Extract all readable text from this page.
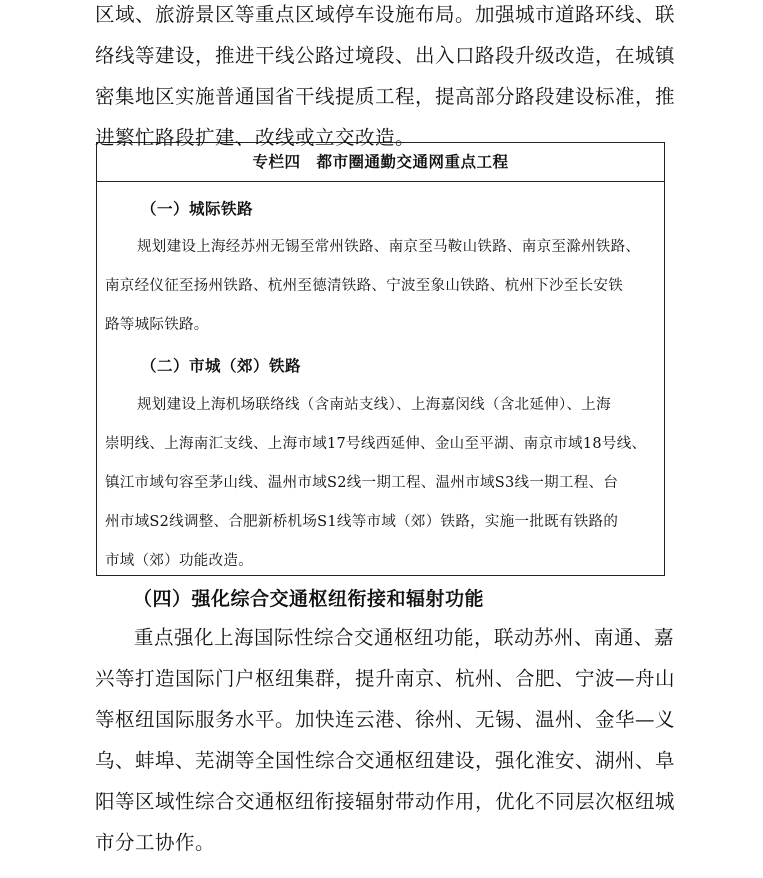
区域、旅游景区等重点区域停车设施布局。加强城市道路环线、联
络线等建设，推进干线公路过境段、出入口路段升级改造，在城镇
密集地区实施普通国省干线提质工程，提高部分路段建设标准，推
进繁忙路段扩建、改线或立交改造。

专栏四　都市圈通勤交通网重点工程
（一）城际铁路
规划建设上海经苏州无锡至常州铁路、南京至马鞍山铁路、南京至滁州铁路、
南京经仪征至扬州铁路、杭州至德清铁路、宁波至象山铁路、杭州下沙至长安铁
路等城际铁路。
（二）市城（郊）铁路
规划建设上海机场联络线（含南站支线）、上海嘉闵线（含北延伸）、上海
崇明线、上海南汇支线、上海市域17号线西延伸、金山至平湖、南京市域18号线、
镇江市域句容至茅山线、温州市域S2线一期工程、温州市域S3线一期工程、台
州市域S2线调整、合肥新桥机场S1线等市域（郊）铁路，实施一批既有铁路的
市域（郊）功能改造。
（四）强化综合交通枢纽衔接和辐射功能

重点强化上海国际性综合交通枢纽功能，联动苏州、南通、嘉
兴等打造国际门户枢纽集群，提升南京、杭州、合肥、宁波—舟山
等枢纽国际服务水平。加快连云港、徐州、无锡、温州、金华—义
乌、蚌埠、芜湖等全国性综合交通枢纽建设，强化淮安、湖州、阜
阳等区域性综合交通枢纽衔接辐射带动作用，优化不同层次枢纽城
市分工协作。
